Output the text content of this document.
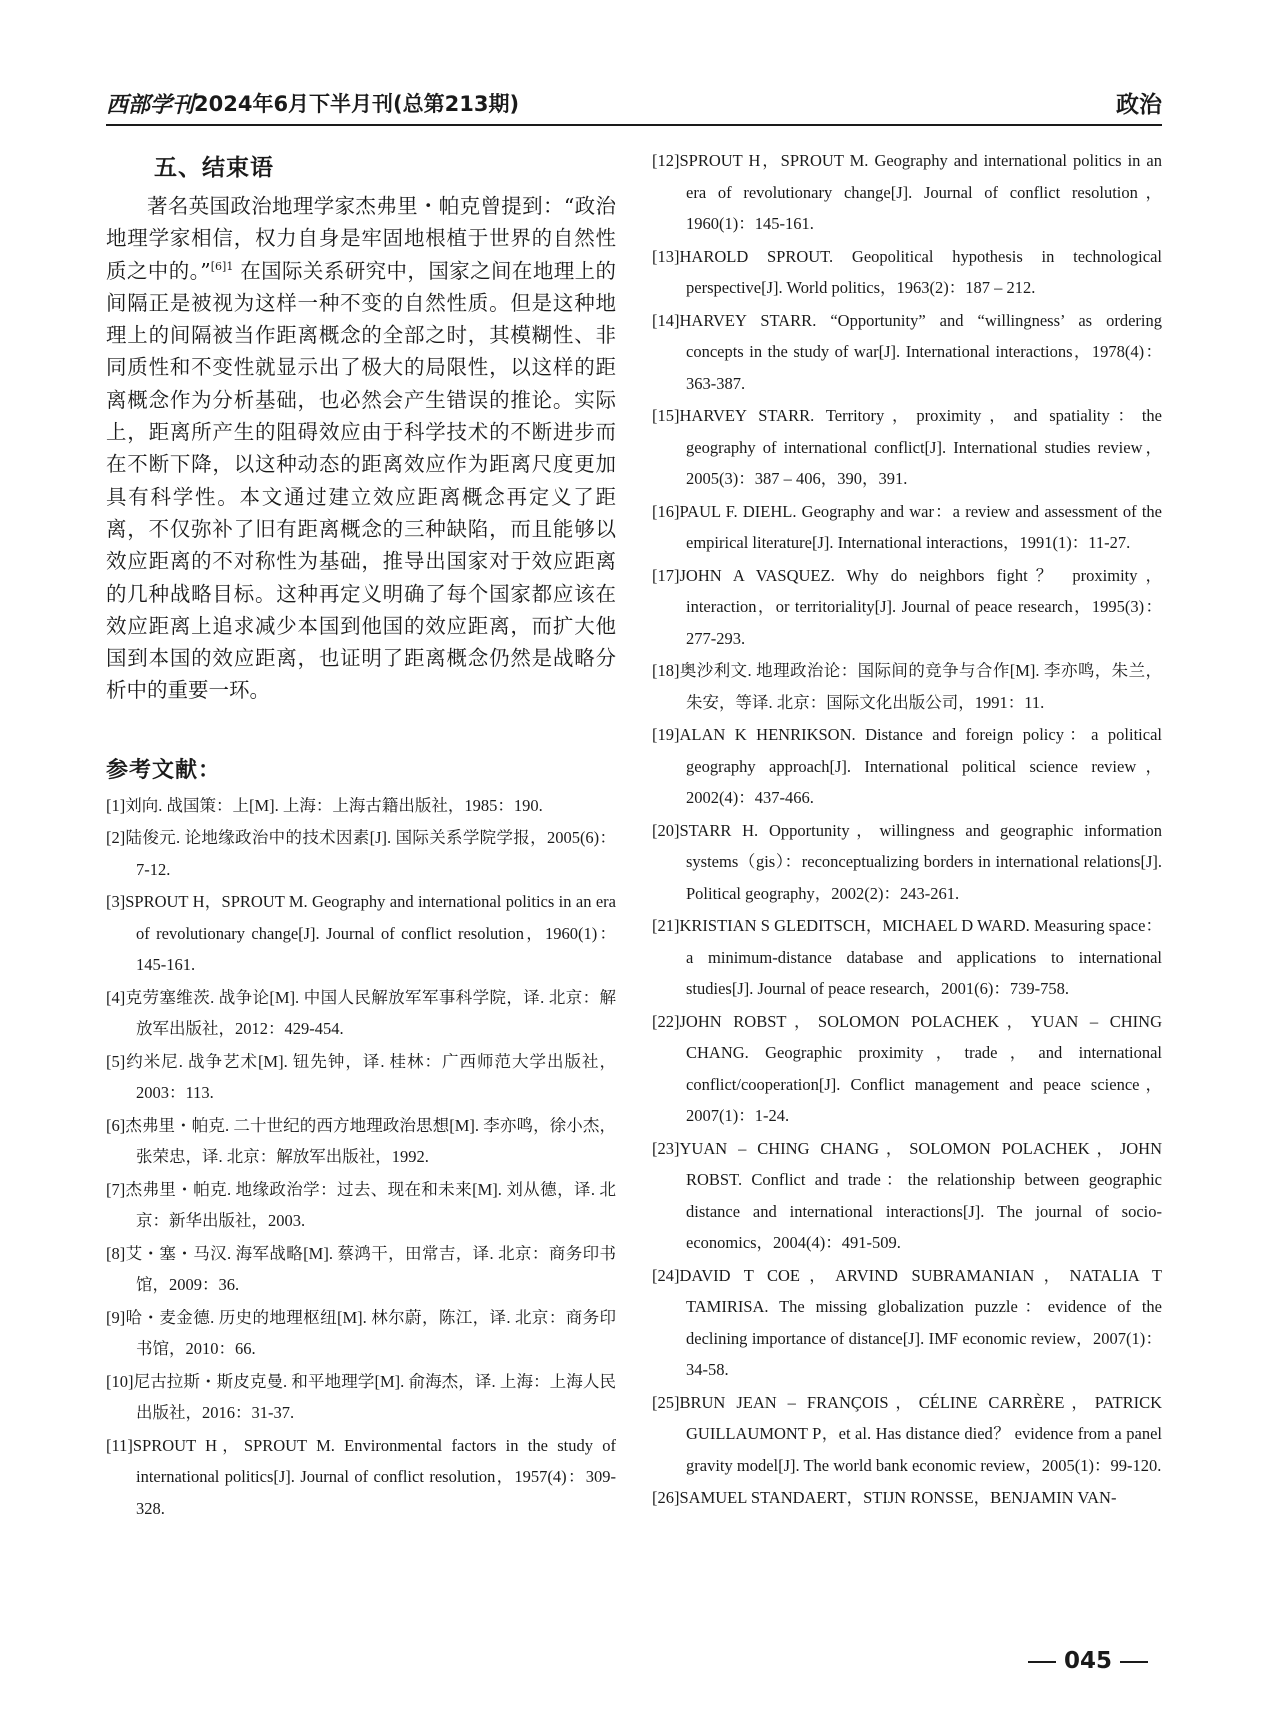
西部学刊 2024年6月下半月刊(总第213期)	政治
五、结束语

著名英国政治地理学家杰弗里・帕克曾提到：“政治地理学家相信，权力自身是牢固地根植于世界的自然性质之中的。”$^{[6]1}$ 在国际关系研究中，国家之间在地理上的间隔正是被视为这样一种不变的自然性质。但是这种地理上的间隔被当作距离概念的全部之时，其模糊性、非同质性和不变性就显示出了极大的局限性，以这样的距离概念作为分析基础，也必然会产生错误的推论。实际上，距离所产生的阻碍效应由于科学技术的不断进步而在不断下降，以这种动态的距离效应作为距离尺度更加具有科学性。本文通过建立效应距离概念再定义了距离，不仅弥补了旧有距离概念的三种缺陷，而且能够以效应距离的不对称性为基础，推导出国家对于效应距离的几种战略目标。这种再定义明确了每个国家都应该在效应距离上追求减少本国到他国的效应距离，而扩大他国到本国的效应距离，也证明了距离概念仍然是战略分析中的重要一环。

参考文献：

[1]刘向. 战国策：上[M]. 上海：上海古籍出版社，1985：190.

[2]陆俊元. 论地缘政治中的技术因素[J]. 国际关系学院学报，2005(6)：7-12.

[3]SPROUT H，SPROUT M. Geography and international politics in an era of revolutionary change[J]. Journal of conflict resolution，1960(1)：145-161.

[4]克劳塞维茨. 战争论[M]. 中国人民解放军军事科学院，译. 北京：解放军出版社，2012：429-454.

[5]约米尼. 战争艺术[M]. 钮先钟，译. 桂林：广西师范大学出版社，2003：113.

[6]杰弗里・帕克. 二十世纪的西方地理政治思想[M]. 李亦鸣，徐小杰，张荣忠，译. 北京：解放军出版社，1992.

[7]杰弗里・帕克. 地缘政治学：过去、现在和未来[M]. 刘从德，译. 北京：新华出版社，2003.

[8]艾・塞・马汉. 海军战略[M]. 蔡鸿干，田常吉，译. 北京：商务印书馆，2009：36.

[9]哈・麦金德. 历史的地理枢纽[M]. 林尔蔚，陈江，译. 北京：商务印书馆，2010：66.

[10]尼古拉斯・斯皮克曼. 和平地理学[M]. 俞海杰，译. 上海：上海人民出版社，2016：31-37.

[11]SPROUT H，SPROUT M. Environmental factors in the study of international politics[J]. Journal of conflict resolution，1957(4)：309-328.

[12]SPROUT H，SPROUT M. Geography and international politics in an era of revolutionary change[J]. Journal of conflict resolution，1960(1)：145-161.

[13]HAROLD SPROUT. Geopolitical hypothesis in technological perspective[J]. World politics，1963(2)：187 – 212.

[14]HARVEY STARR. “Opportunity” and “willingness’ as ordering concepts in the study of war[J]. International interactions，1978(4)：363-387.

[15]HARVEY STARR. Territory，proximity，and spatiality：the geography of international conflict[J]. International studies review，2005(3)：387 – 406，390，391.

[16]PAUL F. DIEHL. Geography and war：a review and assessment of the empirical literature[J]. International interactions，1991(1)：11-27.

[17]JOHN A VASQUEZ. Why do neighbors fight？ proximity，interaction，or territoriality[J]. Journal of peace research，1995(3)：277-293.

[18]奥沙利文. 地理政治论：国际间的竞争与合作[M]. 李亦鸣，朱兰，朱安，等译. 北京：国际文化出版公司，1991：11.

[19]ALAN K HENRIKSON. Distance and foreign policy：a political geography approach[J]. International political science review，2002(4)：437-466.

[20]STARR H. Opportunity，willingness and geographic information systems（gis）：reconceptualizing borders in international relations[J]. Political geography，2002(2)：243-261.

[21]KRISTIAN S GLEDITSCH，MICHAEL D WARD. Measuring space：a minimum-distance database and applications to international studies[J]. Journal of peace research，2001(6)：739-758.

[22]JOHN ROBST，SOLOMON POLACHEK，YUAN – CHING CHANG. Geographic proximity，trade，and international conflict/cooperation[J]. Conflict management and peace science，2007(1)：1-24.

[23]YUAN – CHING CHANG，SOLOMON POLACHEK，JOHN ROBST. Conflict and trade：the relationship between geographic distance and international interactions[J]. The journal of socio-economics，2004(4)：491-509.

[24]DAVID T COE，ARVIND SUBRAMANIAN，NATALIA T TAMIRISA. The missing globalization puzzle：evidence of the declining importance of distance[J]. IMF economic review，2007(1)：34-58.

[25]BRUN JEAN – FRANÇOIS，CÉLINE CARRÈRE，PATRICK GUILLAUMONT P，et al. Has distance died？ evidence from a panel gravity model[J]. The world bank economic review，2005(1)：99-120.

[26]SAMUEL STANDAERT，STIJN RONSSE，BENJAMIN VAN-

045
